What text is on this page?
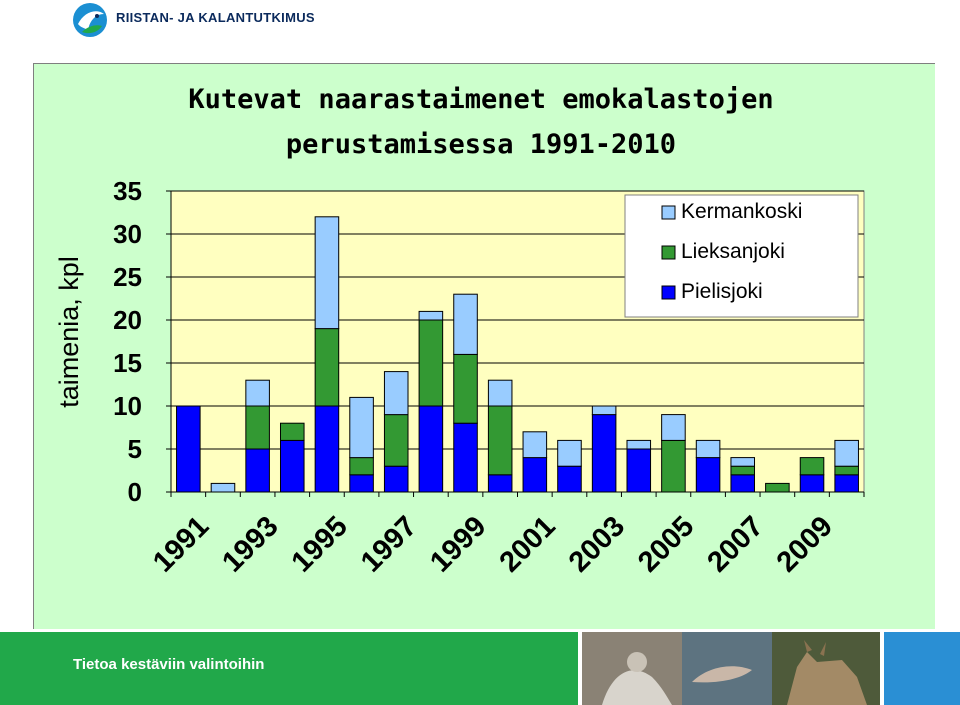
RIISTAN- JA KALANTUTKIMUS
Kutevat naarastaimenet emokalastojen
perustamisessa 1991-2010
0
5
10
15
20
25
30
35
1991 1993 1995 1997 1999 2001 2003 2005 2007 2009
taimenia, kpl
Kermankoski
Lieksanjoki
Pielisjoki
Tietoa kestäviin valintoihin
